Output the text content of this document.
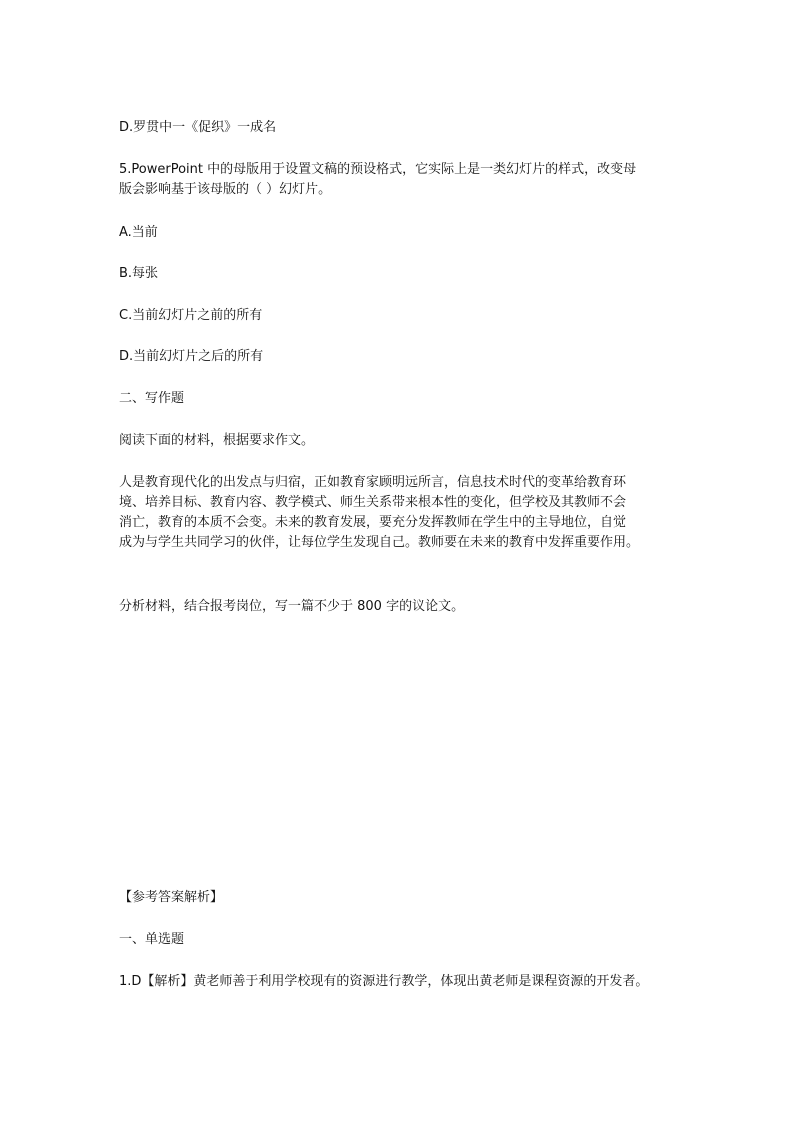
D.罗贯中一《促织》一成名
5.PowerPoint 中的母版用于设置文稿的预设格式，它实际上是一类幻灯片的样式，改变母
版会影响基于该母版的（ ）幻灯片。
A.当前
B.每张
C.当前幻灯片之前的所有
D.当前幻灯片之后的所有
二、写作题
阅读下面的材料，根据要求作文。
人是教育现代化的出发点与归宿，正如教育家顾明远所言，信息技术时代的变革给教育环
境、培养目标、教育内容、教学模式、师生关系带来根本性的变化，但学校及其教师不会
消亡，教育的本质不会变。未来的教育发展，要充分发挥教师在学生中的主导地位，自觉
成为与学生共同学习的伙伴，让每位学生发现自己。教师要在未来的教育中发挥重要作用。
分析材料，结合报考岗位，写一篇不少于 800 字的议论文。
【参考答案解析】
一、单选题
1.D【解析】黄老师善于利用学校现有的资源进行教学，体现出黄老师是课程资源的开发者。
